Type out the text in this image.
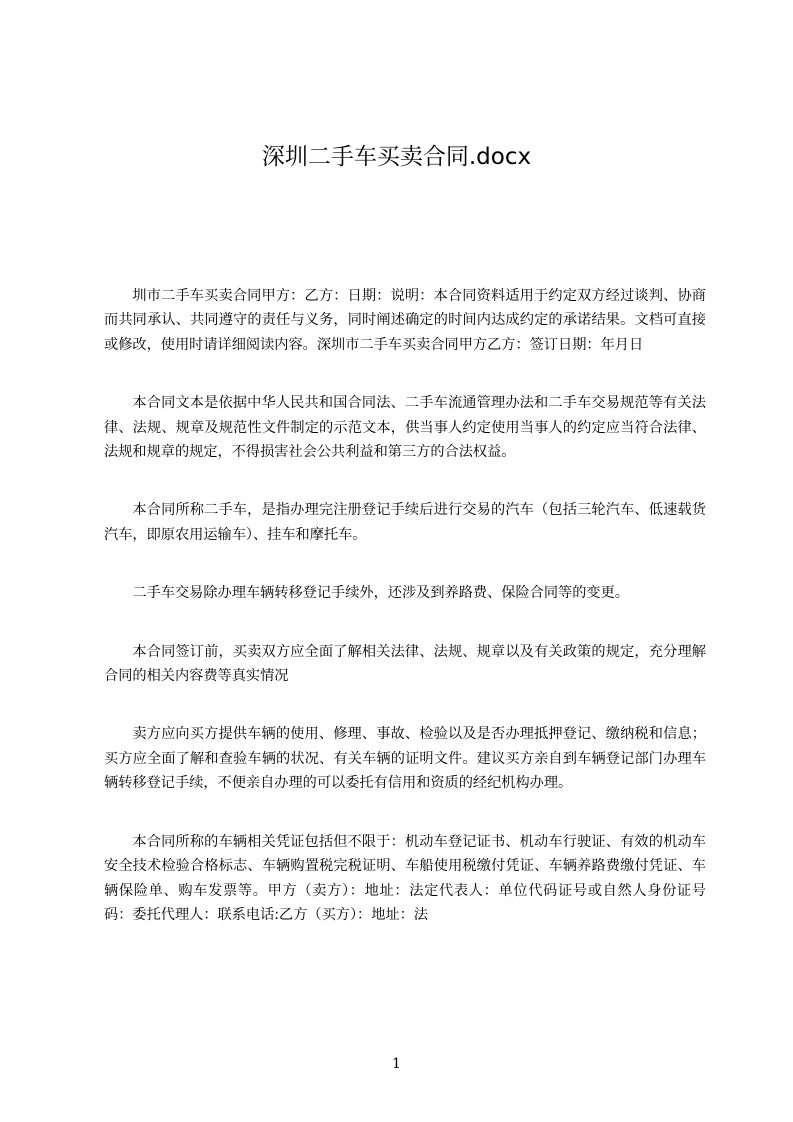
深圳二手车买卖合同.docx

圳市二手车买卖合同甲方：乙方：日期：说明：本合同资料适用于约定双方经过谈判、协商而共同承认、共同遵守的责任与义务，同时阐述确定的时间内达成约定的承诺结果。文档可直接或修改，使用时请详细阅读内容。深圳市二手车买卖合同甲方乙方：签订日期：年月日

本合同文本是依据中华人民共和国合同法、二手车流通管理办法和二手车交易规范等有关法律、法规、规章及规范性文件制定的示范文本，供当事人约定使用当事人的约定应当符合法律、法规和规章的规定，不得损害社会公共利益和第三方的合法权益。

本合同所称二手车，是指办理完注册登记手续后进行交易的汽车（包括三轮汽车、低速载货汽车，即原农用运输车）、挂车和摩托车。

二手车交易除办理车辆转移登记手续外，还涉及到养路费、保险合同等的变更。

本合同签订前，买卖双方应全面了解相关法律、法规、规章以及有关政策的规定，充分理解合同的相关内容费等真实情况

卖方应向买方提供车辆的使用、修理、事故、检验以及是否办理抵押登记、缴纳税和信息；买方应全面了解和查验车辆的状况、有关车辆的证明文件。建议买方亲自到车辆登记部门办理车辆转移登记手续，不便亲自办理的可以委托有信用和资质的经纪机构办理。

本合同所称的车辆相关凭证包括但不限于：机动车登记证书、机动车行驶证、有效的机动车安全技术检验合格标志、车辆购置税完税证明、车船使用税缴付凭证、车辆养路费缴付凭证、车辆保险单、购车发票等。甲方（卖方）：地址：法定代表人：单位代码证号或自然人身份证号码：委托代理人：联系电话:乙方（买方）：地址：法

1
